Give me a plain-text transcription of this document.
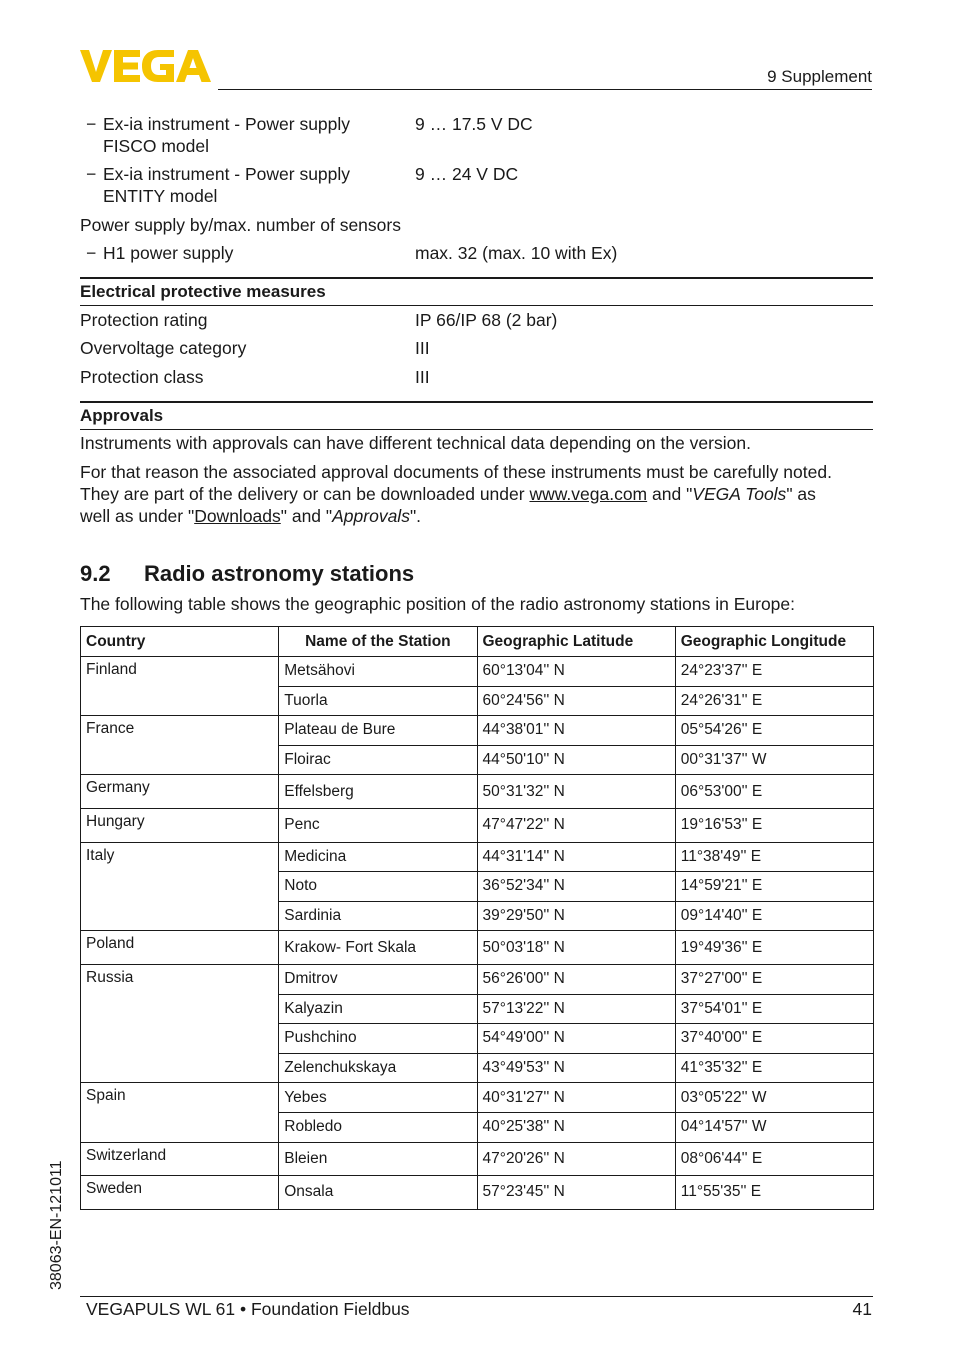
9 Supplement
− Ex-ia instrument - Power supply
FISCO model
9 … 17.5 V DC
− Ex-ia instrument - Power supply
ENTITY model
9 … 24 V DC
Power supply by/max. number of sensors
− H1 power supply	max. 32 (max. 10 with Ex)
Electrical protective measures
Protection rating	IP 66/IP 68 (2 bar)
Overvoltage category	III
Protection class	III
Approvals
Instruments with approvals can have different technical data depending on the version.
For that reason the associated approval documents of these instruments must be carefully noted.
They are part of the delivery or can be downloaded under www.vega.com and "VEGA Tools" as
well as under "Downloads" and "Approvals".
9.2 Radio astronomy stations
The following table shows the geographic position of the radio astronomy stations in Europe:
Country	Name of the Station	Geographic Latitude	Geographic Longitude
Finland	Metsähovi	60°13'04'' N	24°23'37'' E
	Tuorla	60°24'56'' N	24°26'31'' E
France	Plateau de Bure	44°38'01'' N	05°54'26'' E
	Floirac	44°50'10'' N	00°31'37'' W
Germany	Effelsberg	50°31'32'' N	06°53'00'' E
Hungary	Penc	47°47'22'' N	19°16'53'' E
Italy	Medicina	44°31'14'' N	11°38'49'' E
	Noto	36°52'34'' N	14°59'21'' E
	Sardinia	39°29'50'' N	09°14'40'' E
Poland	Krakow- Fort Skala	50°03'18'' N	19°49'36'' E
Russia	Dmitrov	56°26'00'' N	37°27'00'' E
	Kalyazin	57°13'22'' N	37°54'01'' E
	Pushchino	54°49'00'' N	37°40'00'' E
	Zelenchukskaya	43°49'53'' N	41°35'32'' E
Spain	Yebes	40°31'27'' N	03°05'22'' W
	Robledo	40°25'38'' N	04°14'57'' W
Switzerland	Bleien	47°20'26'' N	08°06'44'' E
Sweden	Onsala	57°23'45'' N	11°55'35'' E
38063-EN-121011
VEGAPULS WL 61 • Foundation Fieldbus	41
